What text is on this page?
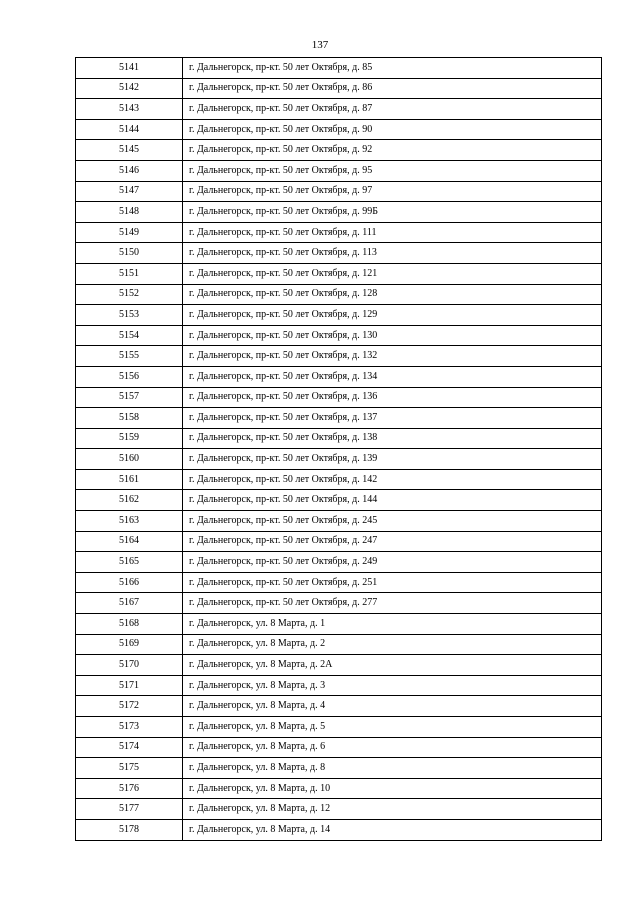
137
5141	г. Дальнегорск, пр-кт. 50 лет Октября, д. 85
5142	г. Дальнегорск, пр-кт. 50 лет Октября, д. 86
5143	г. Дальнегорск, пр-кт. 50 лет Октября, д. 87
5144	г. Дальнегорск, пр-кт. 50 лет Октября, д. 90
5145	г. Дальнегорск, пр-кт. 50 лет Октября, д. 92
5146	г. Дальнегорск, пр-кт. 50 лет Октября, д. 95
5147	г. Дальнегорск, пр-кт. 50 лет Октября, д. 97
5148	г. Дальнегорск, пр-кт. 50 лет Октября, д. 99Б
5149	г. Дальнегорск, пр-кт. 50 лет Октября, д. 111
5150	г. Дальнегорск, пр-кт. 50 лет Октября, д. 113
5151	г. Дальнегорск, пр-кт. 50 лет Октября, д. 121
5152	г. Дальнегорск, пр-кт. 50 лет Октября, д. 128
5153	г. Дальнегорск, пр-кт. 50 лет Октября, д. 129
5154	г. Дальнегорск, пр-кт. 50 лет Октября, д. 130
5155	г. Дальнегорск, пр-кт. 50 лет Октября, д. 132
5156	г. Дальнегорск, пр-кт. 50 лет Октября, д. 134
5157	г. Дальнегорск, пр-кт. 50 лет Октября, д. 136
5158	г. Дальнегорск, пр-кт. 50 лет Октября, д. 137
5159	г. Дальнегорск, пр-кт. 50 лет Октября, д. 138
5160	г. Дальнегорск, пр-кт. 50 лет Октября, д. 139
5161	г. Дальнегорск, пр-кт. 50 лет Октября, д. 142
5162	г. Дальнегорск, пр-кт. 50 лет Октября, д. 144
5163	г. Дальнегорск, пр-кт. 50 лет Октября, д. 245
5164	г. Дальнегорск, пр-кт. 50 лет Октября, д. 247
5165	г. Дальнегорск, пр-кт. 50 лет Октября, д. 249
5166	г. Дальнегорск, пр-кт. 50 лет Октября, д. 251
5167	г. Дальнегорск, пр-кт. 50 лет Октября, д. 277
5168	г. Дальнегорск, ул. 8 Марта, д. 1
5169	г. Дальнегорск, ул. 8 Марта, д. 2
5170	г. Дальнегорск, ул. 8 Марта, д. 2А
5171	г. Дальнегорск, ул. 8 Марта, д. 3
5172	г. Дальнегорск, ул. 8 Марта, д. 4
5173	г. Дальнегорск, ул. 8 Марта, д. 5
5174	г. Дальнегорск, ул. 8 Марта, д. 6
5175	г. Дальнегорск, ул. 8 Марта, д. 8
5176	г. Дальнегорск, ул. 8 Марта, д. 10
5177	г. Дальнегорск, ул. 8 Марта, д. 12
5178	г. Дальнегорск, ул. 8 Марта, д. 14
